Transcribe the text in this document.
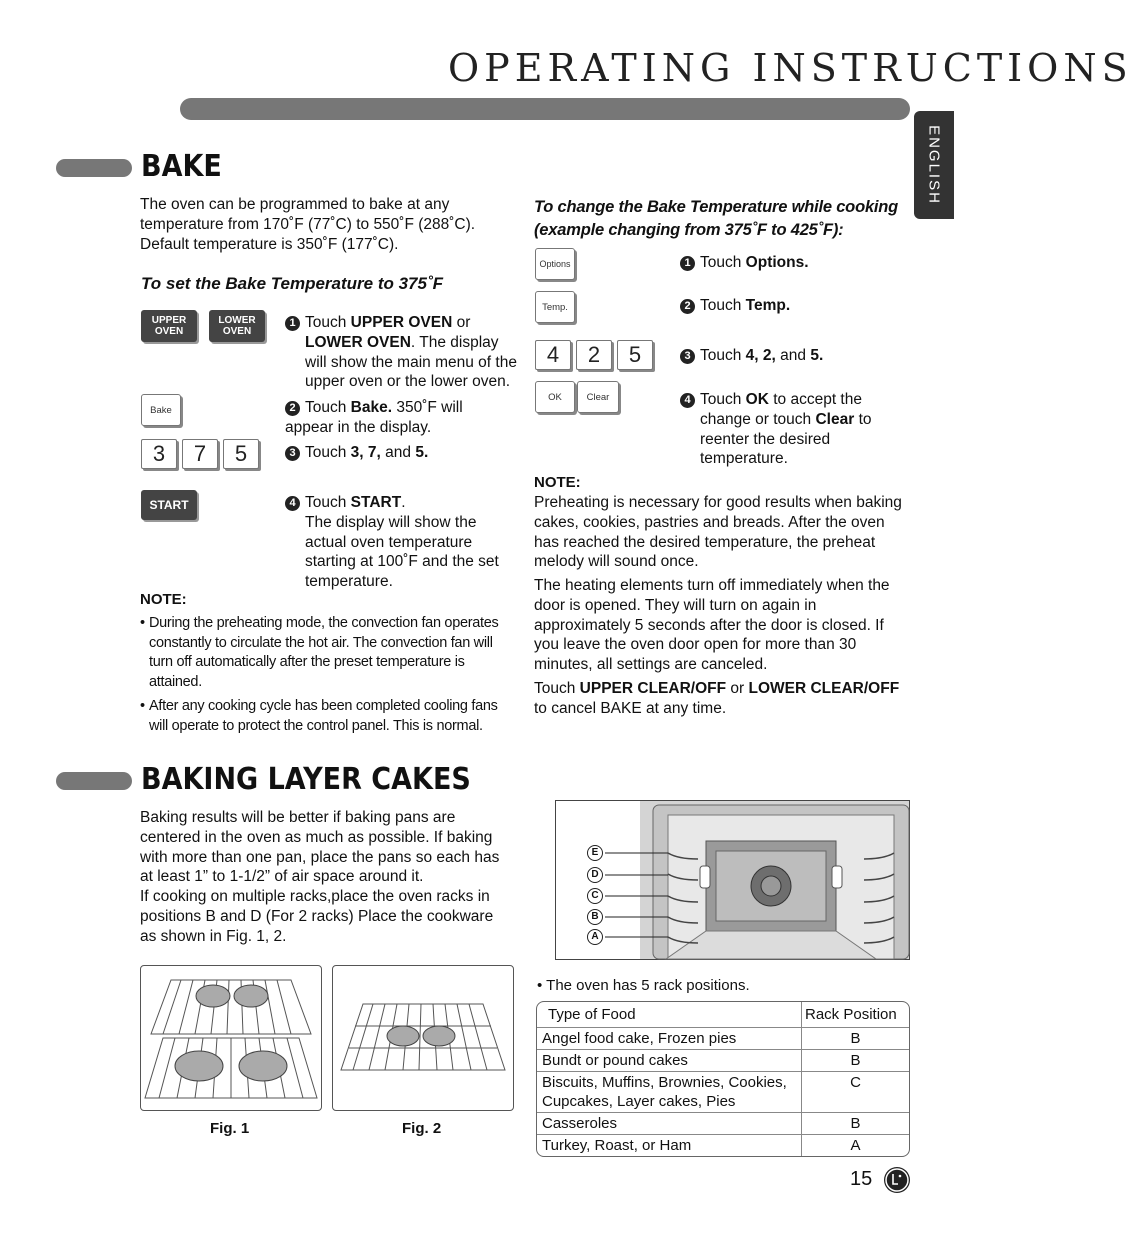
OPERATING INSTRUCTIONS
ENGLISH
BAKE
The oven can be programmed to bake at any temperature from 170˚F (77˚C) to 550˚F (288˚C). Default temperature is 350˚F (177˚C).
To set the Bake Temperature to 375˚F
UPPER OVEN
LOWER OVEN
Bake
3	7	5
START
1 Touch UPPER OVEN or
LOWER OVEN. The display will show the main menu of the upper oven or the lower oven.
2 Touch Bake. 350˚F will appear in the display.
3 Touch 3, 7, and 5.
4 Touch START.
The display will show the actual oven temperature starting at 100˚F and the set temperature.
NOTE:
• During the preheating mode, the convection fan operates constantly to circulate the hot air. The convection fan will turn off automatically after the preset temperature is attained.
• After any cooking cycle has been completed cooling fans will operate to protect the control panel. This is normal.
To change the Bake Temperature while cooking
(example changing from 375˚F to 425˚F):
Options
Temp.
4	2	5
OK	Clear
1 Touch Options.
2 Touch Temp.
3 Touch 4, 2, and 5.
4 Touch OK to accept the change or touch Clear to reenter the desired temperature.
NOTE:
Preheating is necessary for good results when baking cakes, cookies, pastries and breads. After the oven has reached the desired temperature, the preheat melody will sound once.
The heating elements turn off immediately when the door is opened. They will turn on again in approximately 5 seconds after the door is closed. If you leave the oven door open for more than 30 minutes, all settings are canceled.
Touch UPPER CLEAR/OFF or LOWER CLEAR/OFF to cancel BAKE at any time.
BAKING LAYER CAKES
Baking results will be better if baking pans are centered in the oven as much as possible. If baking with more than one pan, place the pans so each has at least 1” to 1-1/2” of air space around it.
If cooking on multiple racks,place the oven racks in positions B and D (For 2 racks) Place the cookware as shown in Fig. 1, 2.
E
D
C
B
A
Fig. 1	Fig. 2
• The oven has 5 rack positions.
Type of Food	Rack Position
Angel food cake, Frozen pies	B
Bundt or pound cakes	B
Biscuits, Muffins, Brownies, Cookies, Cupcakes, Layer cakes, Pies	C
Casseroles	B
Turkey, Roast, or Ham	A
15
